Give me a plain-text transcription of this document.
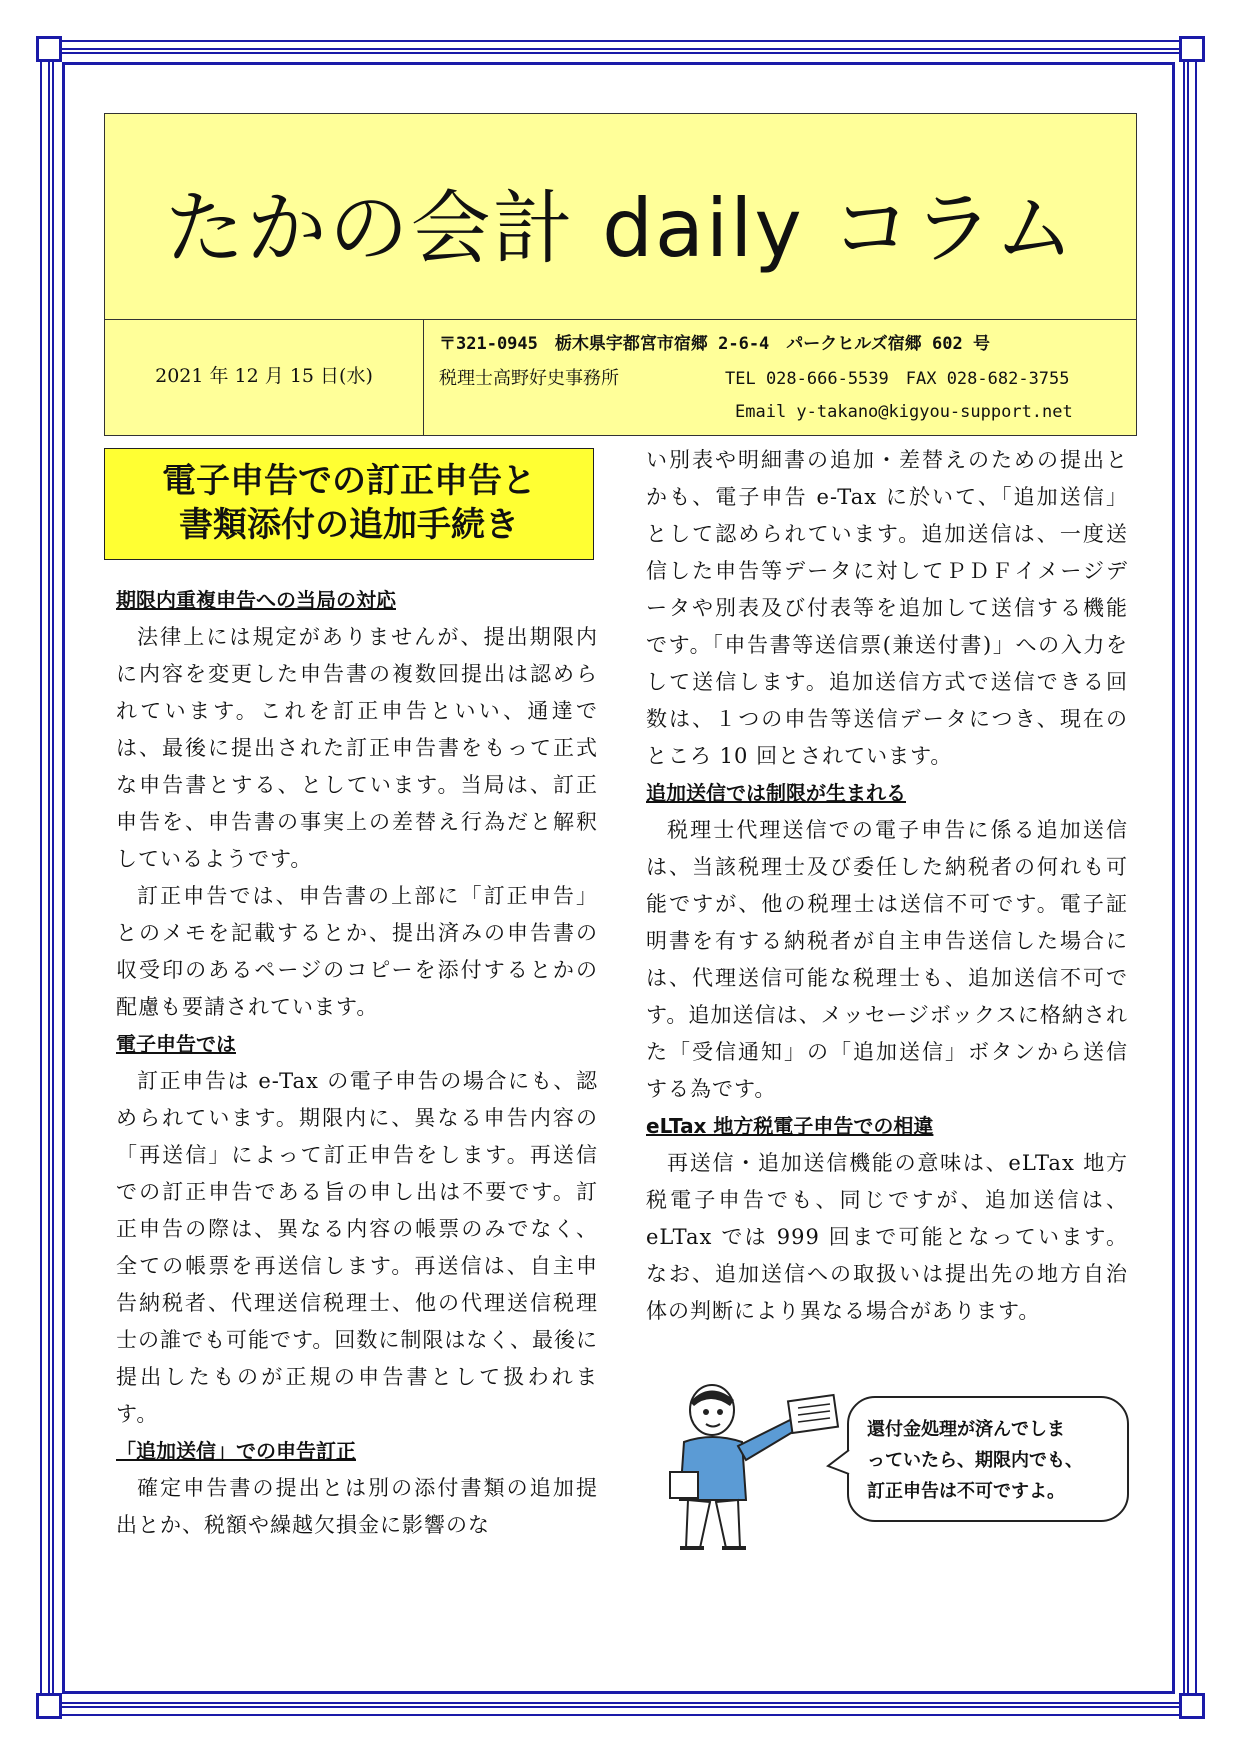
たかの会計 daily コラム
2021 年 12 月 15 日(水)
〒321-0945　栃木県宇都宮市宿郷 2-6-4　パークヒルズ宿郷 602 号
税理士高野好史事務所	TEL 028-666-5539　FAX 028-682-3755
Email y-takano@kigyou-support.net
電子申告での訂正申告と
書類添付の追加手続き
期限内重複申告への当局の対応

法律上には規定がありませんが、提出期限内に内容を変更した申告書の複数回提出は認められています。これを訂正申告といい、通達では、最後に提出された訂正申告書をもって正式な申告書とする、としています。当局は、訂正申告を、申告書の事実上の差替え行為だと解釈しているようです。

訂正申告では、申告書の上部に「訂正申告」とのメモを記載するとか、提出済みの申告書の収受印のあるページのコピーを添付するとかの配慮も要請されています。

電子申告では

訂正申告は e-Tax の電子申告の場合にも、認められています。期限内に、異なる申告内容の「再送信」によって訂正申告をします。再送信での訂正申告である旨の申し出は不要です。訂正申告の際は、異なる内容の帳票のみでなく、全ての帳票を再送信します。再送信は、自主申告納税者、代理送信税理士、他の代理送信税理士の誰でも可能です。回数に制限はなく、最後に提出したものが正規の申告書として扱われます。

「追加送信」での申告訂正

確定申告書の提出とは別の添付書類の追加提出とか、税額や繰越欠損金に影響のな

い別表や明細書の追加・差替えのための提出とかも、電子申告 e-Tax に於いて、「追加送信」として認められています。追加送信は、一度送信した申告等データに対してＰＤＦイメージデータや別表及び付表等を追加して送信する機能です。「申告書等送信票(兼送付書)」への入力をして送信します。追加送信方式で送信できる回数は、１つの申告等送信データにつき、現在のところ 10 回とされています。

追加送信では制限が生まれる

税理士代理送信での電子申告に係る追加送信は、当該税理士及び委任した納税者の何れも可能ですが、他の税理士は送信不可です。電子証明書を有する納税者が自主申告送信した場合には、代理送信可能な税理士も、追加送信不可です。追加送信は、メッセージボックスに格納された「受信通知」の「追加送信」ボタンから送信する為です。

eLTax 地方税電子申告での相違

再送信・追加送信機能の意味は、eLTax 地方税電子申告でも、同じですが、追加送信は、eLTax では 999 回まで可能となっています。なお、追加送信への取扱いは提出先の地方自治体の判断により異なる場合があります。

還付金処理が済んでしま
っていたら、期限内でも、
訂正申告は不可ですよ。
